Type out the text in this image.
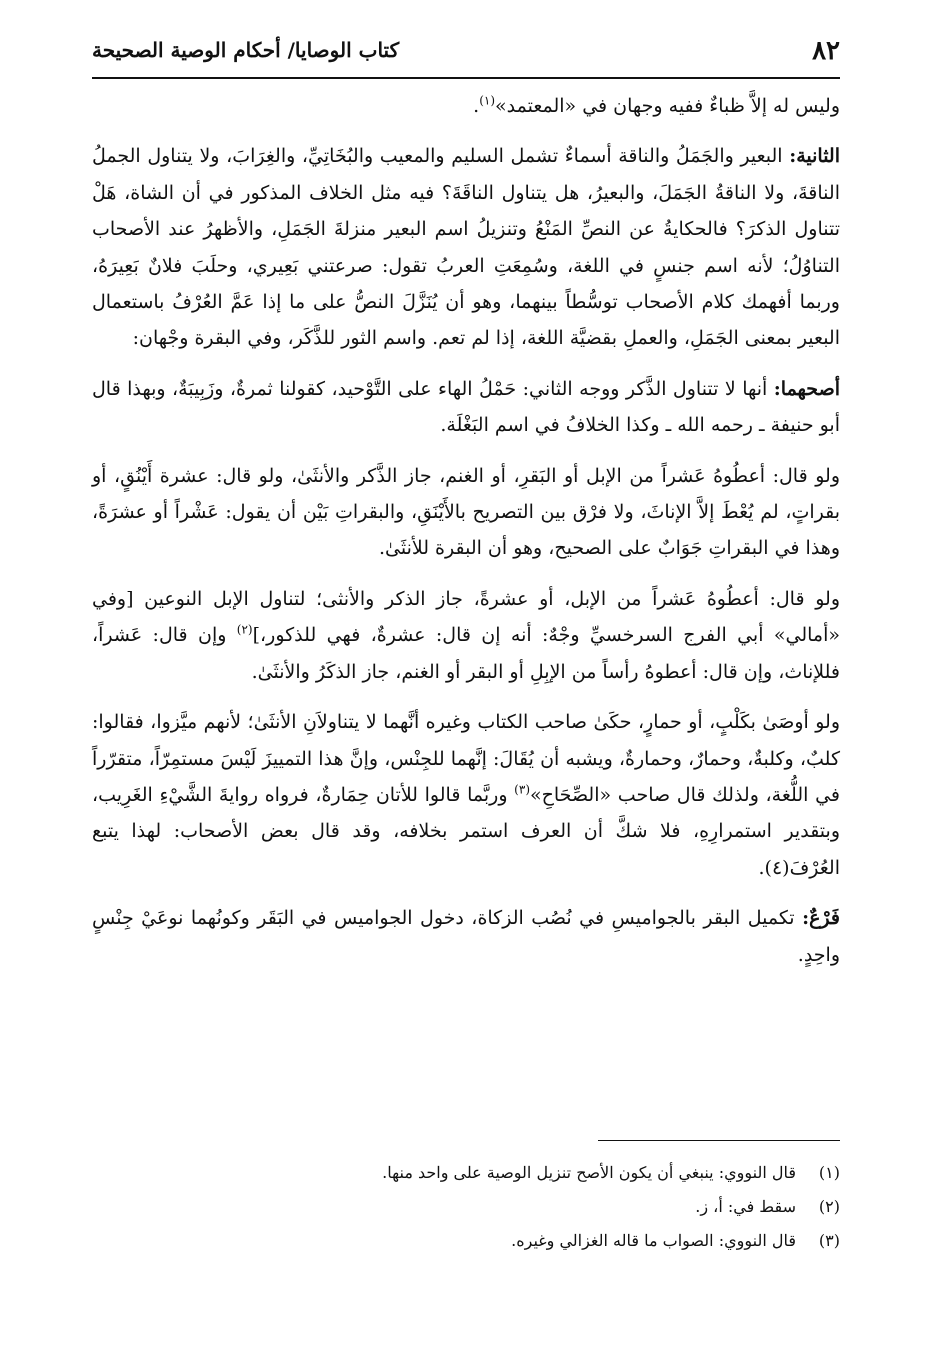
٨٢
كتاب الوصايا/ أحكام الوصية الصحيحة

وليس له إلاَّ ظباءٌ ففيه وجهان في «المعتمد»$^{(١)}$.

الثانية: البعير والجَمَلُ والناقة أسماءٌ تشمل السليم والمعيب والبُخَاتِيِّ، والغِرَابَ، ولا يتناول الجملُ الناقةَ، ولا الناقةُ الجَمَلَ، والبعيرُ، هل يتناول الناقَةَ؟ فيه مثل الخلاف المذكور في أن الشاة، هَلْ تتناول الذكرَ؟ فالحكايةُ عن النصِّ المَنْعُ وتنزيلُ اسم البعير منزلةَ الجَمَلِ، والأظهرُ عند الأصحاب التناوُلُ؛ لأنه اسم جنسٍ في اللغة، وسُمِعَتِ العربُ تقول: صرعتني بَعِيري، وحلَبَ فلانٌ بَعِيرَهُ، وربما أفهمك كلام الأصحاب توسُّطاً بينهما، وهو أن يُنَزَّلَ النصُّ على ما إذا عَمَّ العُرْفُ باستعمال البعير بمعنى الجَمَلِ، والعملِ بقضيَّة اللغة، إذا لم تعم. واسم الثور للذَّكَر، وفي البقرة وجْهان:

أصحهما: أنها لا تتناول الذَّكر ووجه الثاني: حَمْلُ الهاء على التَّوْحيد، كقولنا ثمرةٌ، وزَبِيبَةٌ، وبهذا قال أبو حنيفة ـ رحمه الله ـ وكذا الخلافُ في اسم البَغْلَة.

ولو قال: أعطُوهُ عَشراً من الإبل أو البَقرِ، أو الغنم، جاز الذَّكر والأنثَىٰ، ولو قال: عشرة أَيْنُقٍ، أو بقراتٍ، لم يُعْطَ إلاَّ الإناثَ، ولا فرْق بين التصريح بالأَيْنَقِ، والبقراتِ بَيْن أن يقول: عَشْراً أو عشرَةً، وهذا في البقراتِ جَوَابٌ على الصحيح، وهو أن البقرة للأنثَىٰ.

ولو قال: أعطُوهُ عَشراً من الإبل، أو عشرةً، جاز الذكر والأنثى؛ لتناول الإبل النوعين [وفي «أمالي» أبي الفرج السرخسيِّ وجْهٌ: أنه إن قال: عشرةٌ، فهي للذكور،]$^{(٢)}$ وإن قال: عَشراً، فللإناث، وإن قال: أعطوهُ رأساً من الإبِلِ أو البقر أو الغنم، جاز الذكَرُ والأنثَىٰ.

ولو أوصَىٰ بكَلْبٍ، أو حمارٍ، حكَىٰ صاحب الكتاب وغيره أنَّهما لا يتناولاَنِ الأنثَىٰ؛ لأنهم ميَّزوا، فقالوا: كلبٌ، وكلبةٌ، وحمارٌ، وحمارةٌ، ويشبه أن يُقَالَ: إنَّهما للجِنْس، وإنَّ هذا التمييزَ لَيْسَ مستمِرّاً، متقرّراً في اللُّغة، ولذلك قال صاحب «الصِّحَاحِ»$^{(٣)}$ وربَّما قالوا للأتان حِمَارةٌ، فرواه روايةَ الشَّيْءِ الغَرِيب، وبتقدير استمرارِهِ، فلا شكَّ أن العرف استمر بخلافه، وقد قال بعض الأصحاب: لهذا يتبع العُرْفَ(٤).

فَرْعٌ: تكميل البقر بالجواميسِ في نُصُب الزكاة، دخول الجواميس في البَقَر وكونُهما نوعَيْ جِنْسٍ واحِدٍ.

(١)قال النووي: ينبغي أن يكون الأصح تنزيل الوصية على واحد منها.

(٢)سقط في: أ، ز.

(٣)قال النووي: الصواب ما قاله الغزالي وغيره.
